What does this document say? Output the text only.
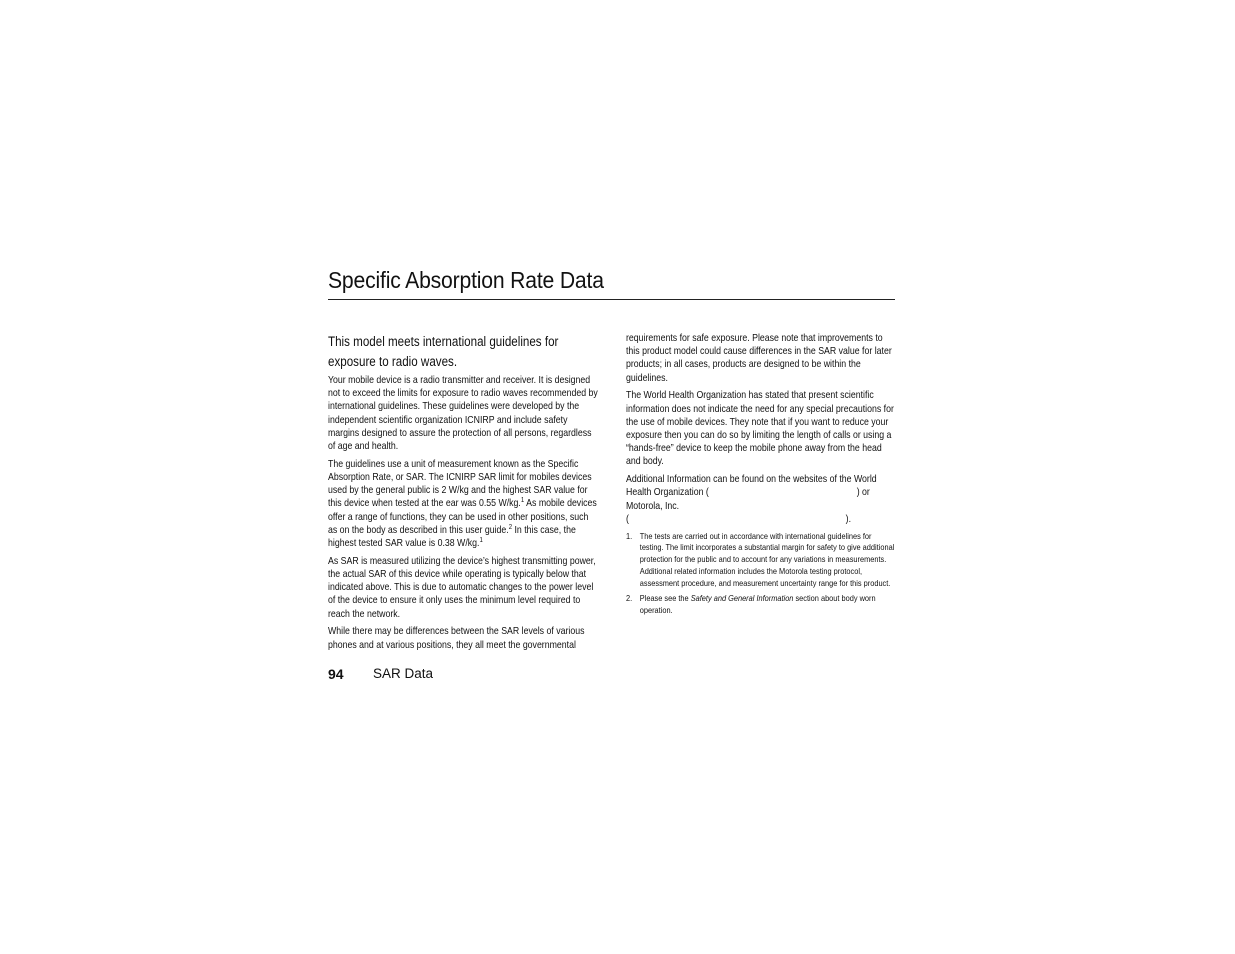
Specific Absorption Rate Data

This model meets international guidelines for exposure to radio waves.

Your mobile device is a radio transmitter and receiver. It is designed not to exceed the limits for exposure to radio waves recommended by international guidelines. These guidelines were developed by the independent scientific organization ICNIRP and include safety margins designed to assure the protection of all persons, regardless of age and health.

The guidelines use a unit of measurement known as the Specific Absorption Rate, or SAR. The ICNIRP SAR limit for mobiles devices used by the general public is 2 W/kg and the highest SAR value for this device when tested at the ear was 0.55 W/kg.$^1$ As mobile devices offer a range of functions, they can be used in other positions, such as on the body as described in this user guide.$^2$ In this case, the highest tested SAR value is 0.38 W/kg.$^1$

As SAR is measured utilizing the device’s highest transmitting power, the actual SAR of this device while operating is typically below that indicated above. This is due to automatic changes to the power level of the device to ensure it only uses the minimum level required to reach the network.

While there may be differences between the SAR levels of various phones and at various positions, they all meet the governmental

requirements for safe exposure. Please note that improvements to this product model could cause differences in the SAR value for later products; in all cases, products are designed to be within the guidelines.

The World Health Organization has stated that present scientific information does not indicate the need for any special precautions for the use of mobile devices. They note that if you want to reduce your exposure then you can do so by limiting the length of calls or using a “hands-free” device to keep the mobile phone away from the head and body.

Additional Information can be found on the websites of the World Health Organization (	) or Motorola, Inc.
(	).

1. The tests are carried out in accordance with international guidelines for testing. The limit incorporates a substantial margin for safety to give additional protection for the public and to account for any variations in measurements. Additional related information includes the Motorola testing protocol, assessment procedure, and measurement uncertainty range for this product.
2. Please see the Safety and General Information section about body worn operation.
94 SAR Data
